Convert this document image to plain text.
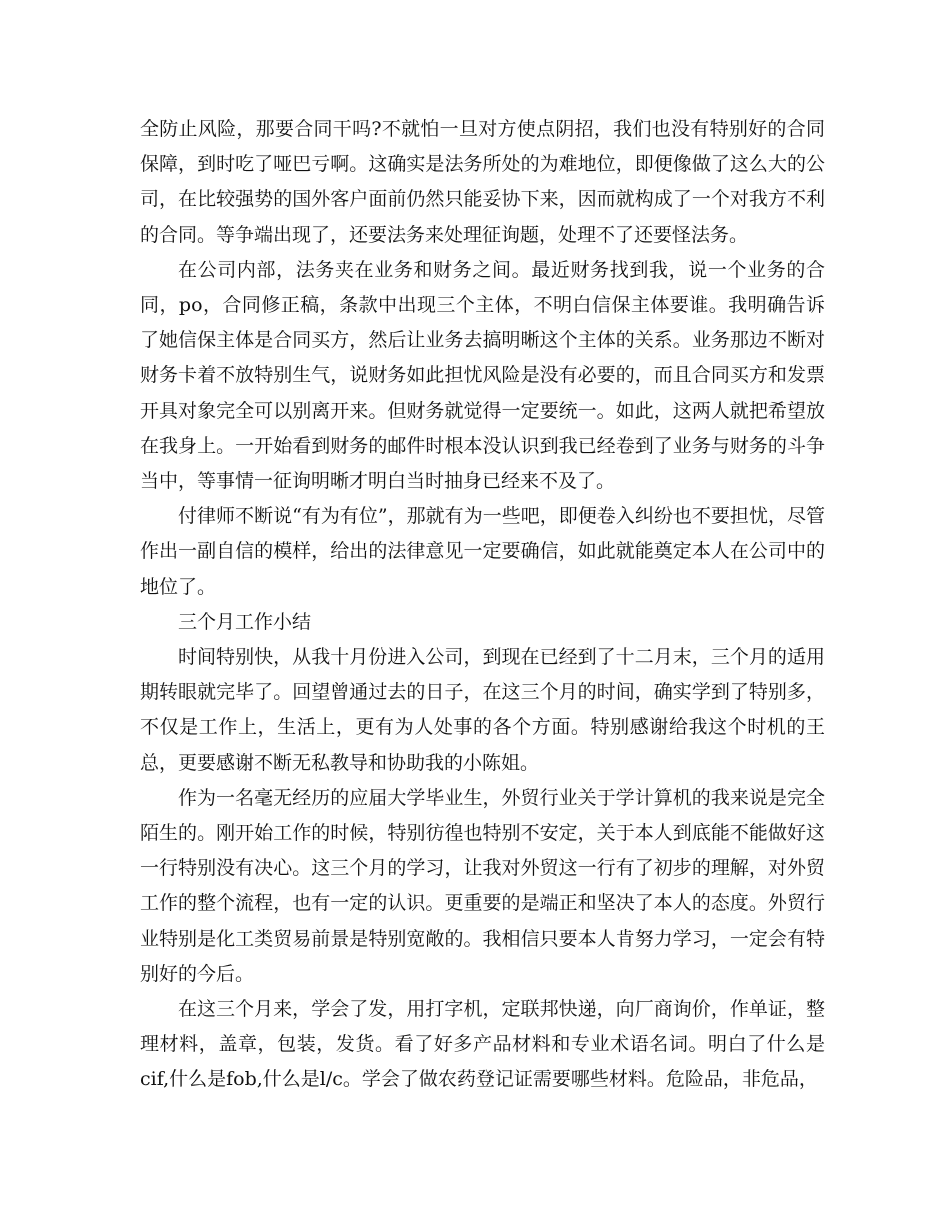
全防止风险，那要合同干吗?不就怕一旦对方使点阴招，我们也没有特别好的合同保障，到时吃了哑巴亏啊。这确实是法务所处的为难地位，即便像做了这么大的公司，在比较强势的国外客户面前仍然只能妥协下来，因而就构成了一个对我方不利的合同。等争端出现了，还要法务来处理征询题，处理不了还要怪法务。

在公司内部，法务夹在业务和财务之间。最近财务找到我，说一个业务的合同，po，合同修正稿，条款中出现三个主体，不明白信保主体要谁。我明确告诉了她信保主体是合同买方，然后让业务去搞明晰这个主体的关系。业务那边不断对财务卡着不放特别生气，说财务如此担忧风险是没有必要的，而且合同买方和发票开具对象完全可以别离开来。但财务就觉得一定要统一。如此，这两人就把希望放在我身上。一开始看到财务的邮件时根本没认识到我已经卷到了业务与财务的斗争当中，等事情一征询明晰才明白当时抽身已经来不及了。

付律师不断说“有为有位”，那就有为一些吧，即便卷入纠纷也不要担忧，尽管作出一副自信的模样，给出的法律意见一定要确信，如此就能奠定本人在公司中的地位了。

三个月工作小结

时间特别快，从我十月份进入公司，到现在已经到了十二月末，三个月的适用期转眼就完毕了。回望曾通过去的日子，在这三个月的时间，确实学到了特别多，不仅是工作上，生活上，更有为人处事的各个方面。特别感谢给我这个时机的王总，更要感谢不断无私教导和协助我的小陈姐。

作为一名毫无经历的应届大学毕业生，外贸行业关于学计算机的我来说是完全陌生的。刚开始工作的时候，特别彷徨也特别不安定，关于本人到底能不能做好这一行特别没有决心。这三个月的学习，让我对外贸这一行有了初步的理解，对外贸工作的整个流程，也有一定的认识。更重要的是端正和坚决了本人的态度。外贸行业特别是化工类贸易前景是特别宽敞的。我相信只要本人肯努力学习，一定会有特别好的今后。

在这三个月来，学会了发，用打字机，定联邦快递，向厂商询价，作单证，整理材料，盖章，包装，发货。看了好多产品材料和专业术语名词。明白了什么是cif,什么是fob,什么是l/c。学会了做农药登记证需要哪些材料。危险品，非危品，
